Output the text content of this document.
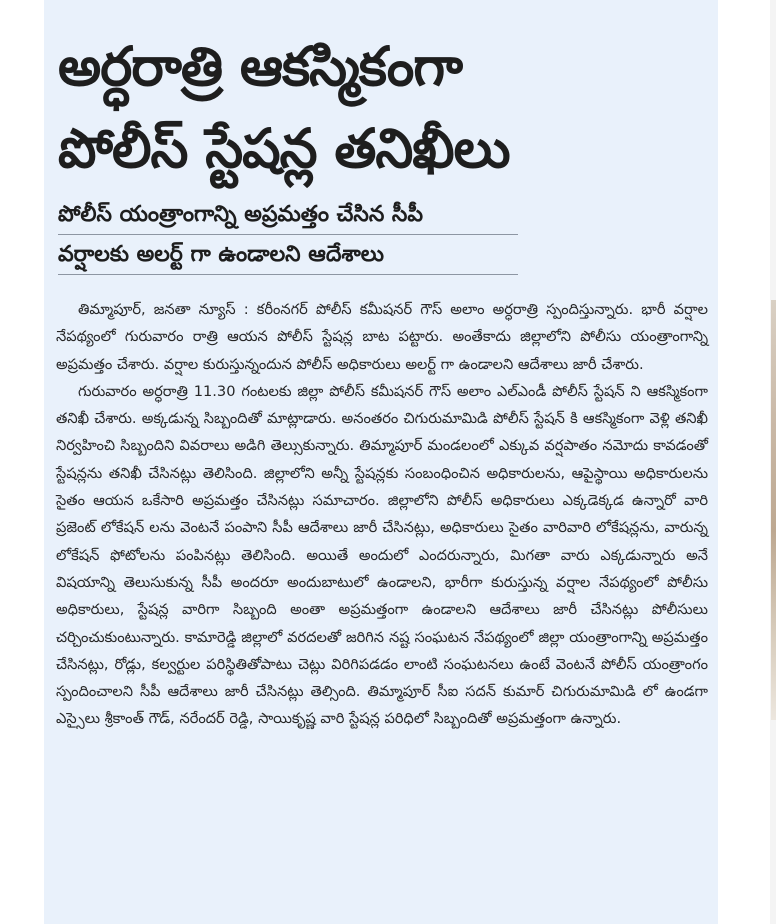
అర్ధరాత్రి ఆకస్మికంగా
పోలీస్ స్టేషన్ల తనిఖీలు
పోలీస్ యంత్రాంగాన్ని అప్రమత్తం చేసిన సీపీ
వర్షాలకు అలర్ట్ గా ఉండాలని ఆదేశాలు

తిమ్మాపూర్, జనతా న్యూస్ : కరీంనగర్ పోలీస్ కమీషనర్ గౌస్ అలాం అర్ధరాత్రి స్పందిస్తున్నారు. భారీ వర్షాల నేపథ్యంలో గురువారం రాత్రి ఆయన పోలీస్ స్టేషన్ల బాట పట్టారు. అంతేకాదు జిల్లాలోని పోలీసు యంత్రాంగాన్ని అప్రమత్తం చేశారు. వర్షాల కురుస్తున్నందున పోలీస్ అధికారులు అలర్ట్ గా ఉండాలని ఆదేశాలు జారీ చేశారు.

గురువారం అర్ధరాత్రి 11.30 గంటలకు జిల్లా పోలీస్ కమీషనర్ గౌస్ అలాం ఎల్ఎండీ పోలీస్ స్టేషన్ ని ఆకస్మికంగా తనిఖీ చేశారు. అక్కడున్న సిబ్బందితో మాట్లాడారు. అనంతరం చిగురుమామిడి పోలీస్ స్టేషన్ కి ఆకస్మికంగా వెళ్లి తనిఖీ నిర్వహించి సిబ్బందిని వివరాలు అడిగి తెల్సుకున్నారు. తిమ్మాపూర్ మండలంలో ఎక్కువ వర్షపాతం నమోదు కావడంతో స్టేషన్లను తనిఖీ చేసినట్లు తెలిసింది. జిల్లాలోని అన్నీ స్టేషన్లకు సంబంధించిన అధికారులను, ఆపైస్థాయి అధికారులను సైతం ఆయన ఒకేసారి అప్రమత్తం చేసినట్లు సమాచారం. జిల్లాలోని పోలీస్ అధికారులు ఎక్కడెక్కడ ఉన్నారో వారి ప్రజెంట్ లోకేషన్ లను వెంటనే పంపాని సీపీ ఆదేశాలు జారీ చేసినట్లు, అధికారులు సైతం వారివారి లోకేషన్లను, వారున్న లోకేషన్ ఫోటోలను పంపినట్లు తెలిసింది. అయితే అందులో ఎందరున్నారు, మిగతా వారు ఎక్కడున్నారు అనే విషయాన్ని తెలుసుకున్న సీపీ అందరూ అందుబాటులో ఉండాలని, భారీగా కురుస్తున్న వర్షాల నేపథ్యంలో పోలీసు అధికారులు, స్టేషన్ల వారిగా సిబ్బంది అంతా అప్రమత్తంగా ఉండాలని ఆదేశాలు జారీ చేసినట్లు పోలీసులు చర్చించుకుంటున్నారు. కామారెడ్డి జిల్లాలో వరదలతో జరిగిన నష్ట సంఘటన నేపథ్యంలో జిల్లా యంత్రాంగాన్ని అప్రమత్తం చేసినట్లు, రోడ్లు, కల్వర్టుల పరిస్థితితోపాటు చెట్లు విరిగిపడడం లాంటి సంఘటనలు ఉంటే వెంటనే పోలీస్ యంత్రాంగం స్పందించాలని సీపీ ఆదేశాలు జారీ చేసినట్లు తెల్సింది. తిమ్మాపూర్ సీఐ సదన్ కుమార్ చిగురుమామిడి లో ఉండగా ఎస్సైలు శ్రీకాంత్ గౌడ్, నరేందర్ రెడ్డి, సాయికృష్ణ వారి స్టేషన్ల పరిధిలో సిబ్బందితో అప్రమత్తంగా ఉన్నారు.
